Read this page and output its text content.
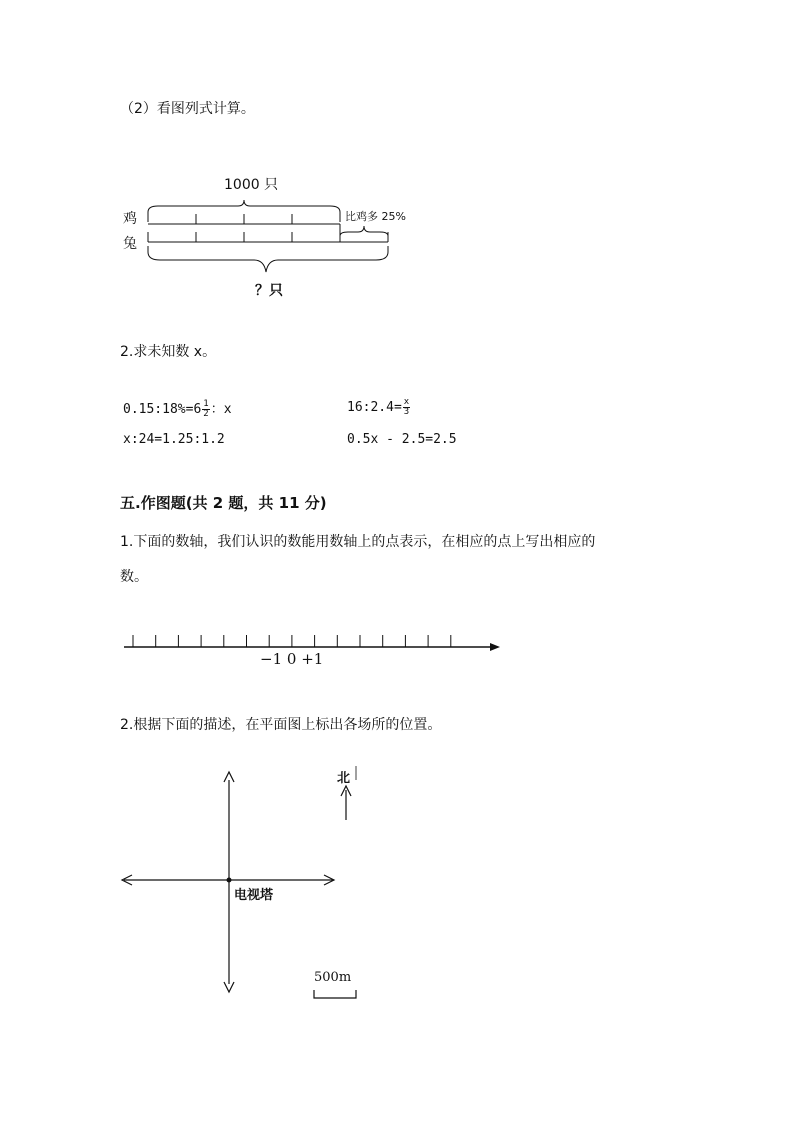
（2）看图列式计算。
1000 只
鸡
兔
比鸡多 25%
？只
2.求未知数 x。
0.15:18%=6 $\frac{1}{2}$ ：x	16:2.4= $\frac{x}{3}$
x:24=1.25:1.2	0.5x - 2.5=2.5
五.作图题(共 2 题，共 11 分)
1.下面的数轴，我们认识的数能用数轴上的点表示，在相应的点上写出相应的
数。
−1 0 +1
2.根据下面的描述，在平面图上标出各场所的位置。
北
电视塔
500m
